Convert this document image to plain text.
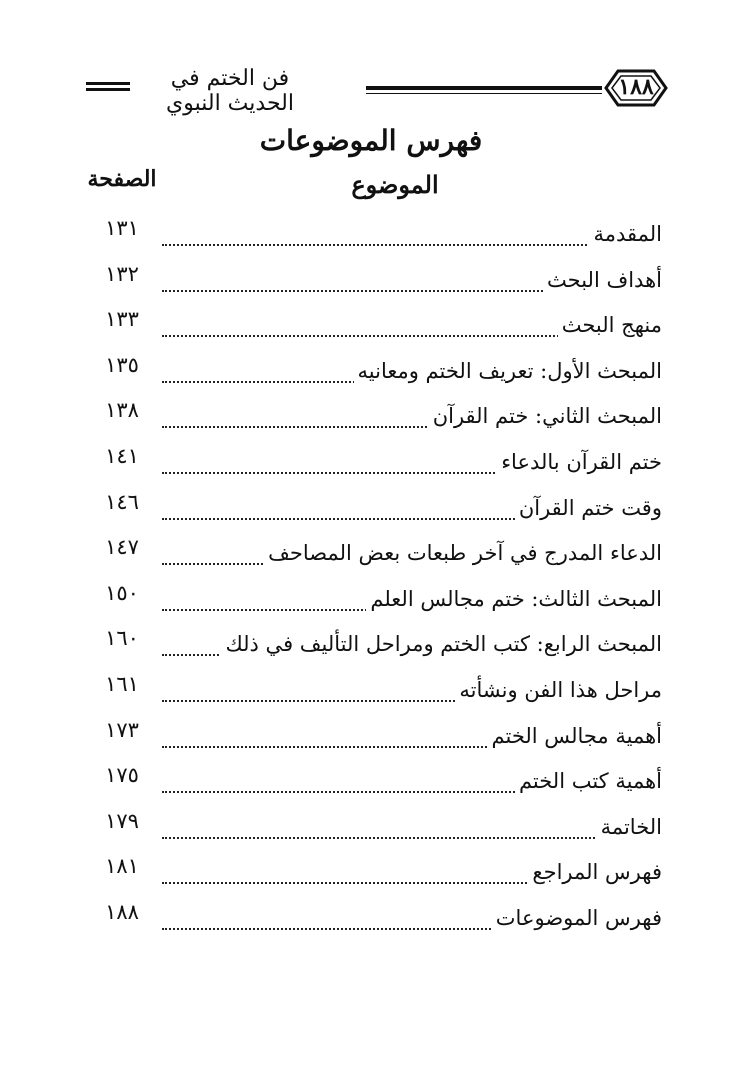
فن الختم في الحديث النبوي
١٨٨
فهرس الموضوعات
الموضوع
الصفحة
المقدمة
١٣١
أهداف البحث
١٣٢
منهج البحث
١٣٣
المبحث الأول: تعريف الختم ومعانيه
١٣٥
المبحث الثاني: ختم القرآن
١٣٨
ختم القرآن بالدعاء
١٤١
وقت ختم القرآن
١٤٦
الدعاء المدرج في آخر طبعات بعض المصاحف
١٤٧
المبحث الثالث: ختم مجالس العلم
١٥٠
المبحث الرابع: كتب الختم ومراحل التأليف في ذلك
١٦٠
مراحل هذا الفن ونشأته
١٦١
أهمية مجالس الختم
١٧٣
أهمية كتب الختم
١٧٥
الخاتمة
١٧٩
فهرس المراجع
١٨١
فهرس الموضوعات
١٨٨
